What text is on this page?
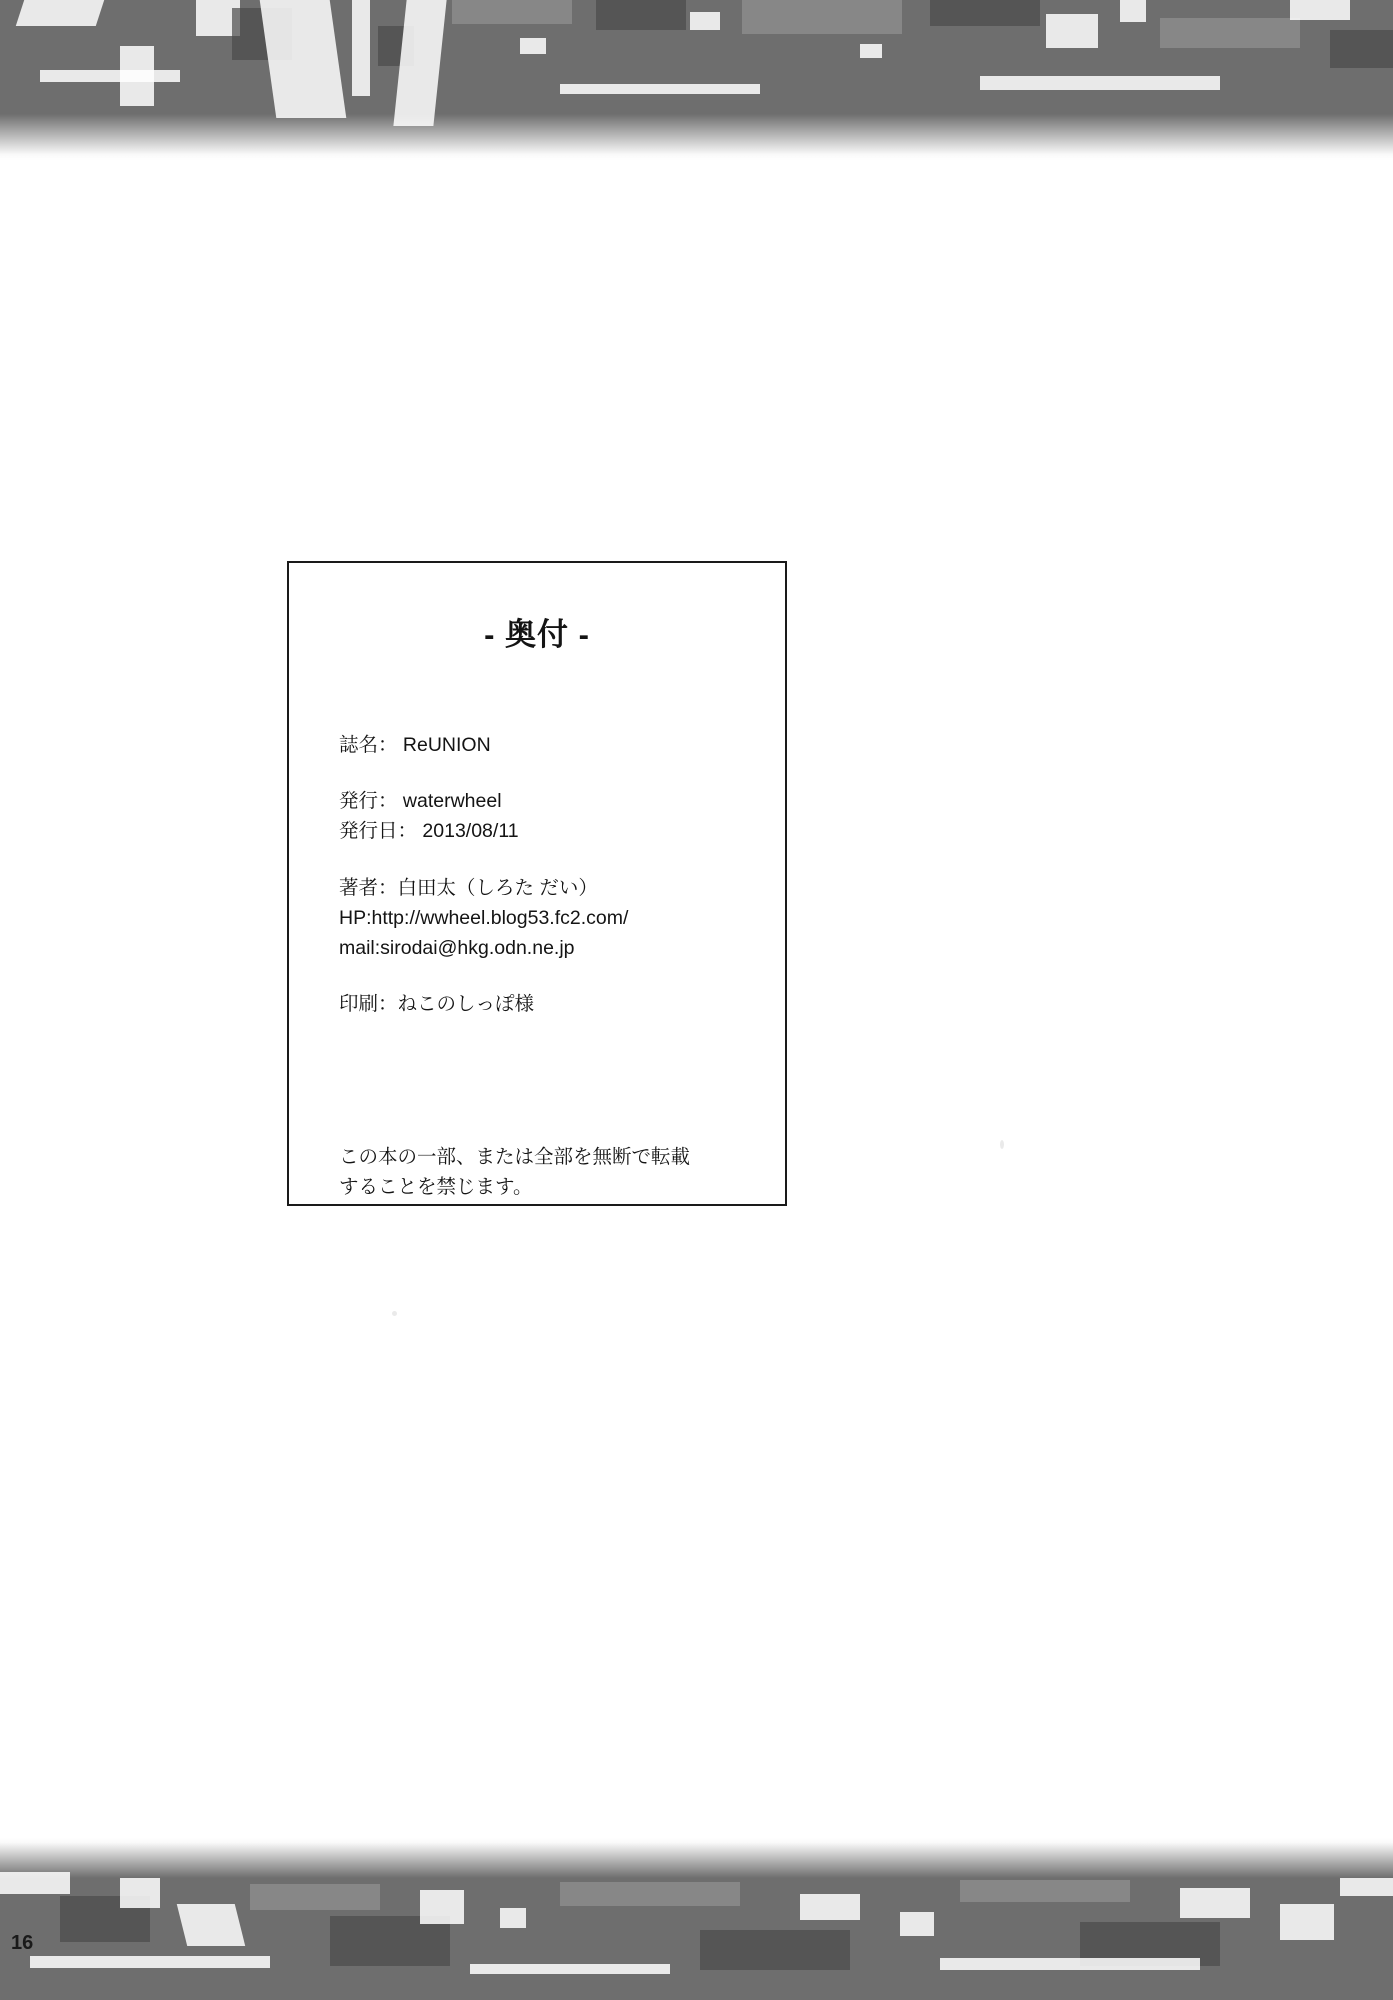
- 奥付 -
誌名： ReUNION
発行： waterwheel
発行日： 2013/08/11
著者：白田太（しろた だい）
HP:http://wwheel.blog53.fc2.com/
mail:sirodai@hkg.odn.ne.jp
印刷：ねこのしっぽ様
この本の一部、または全部を無断で転載
することを禁じます。
16
